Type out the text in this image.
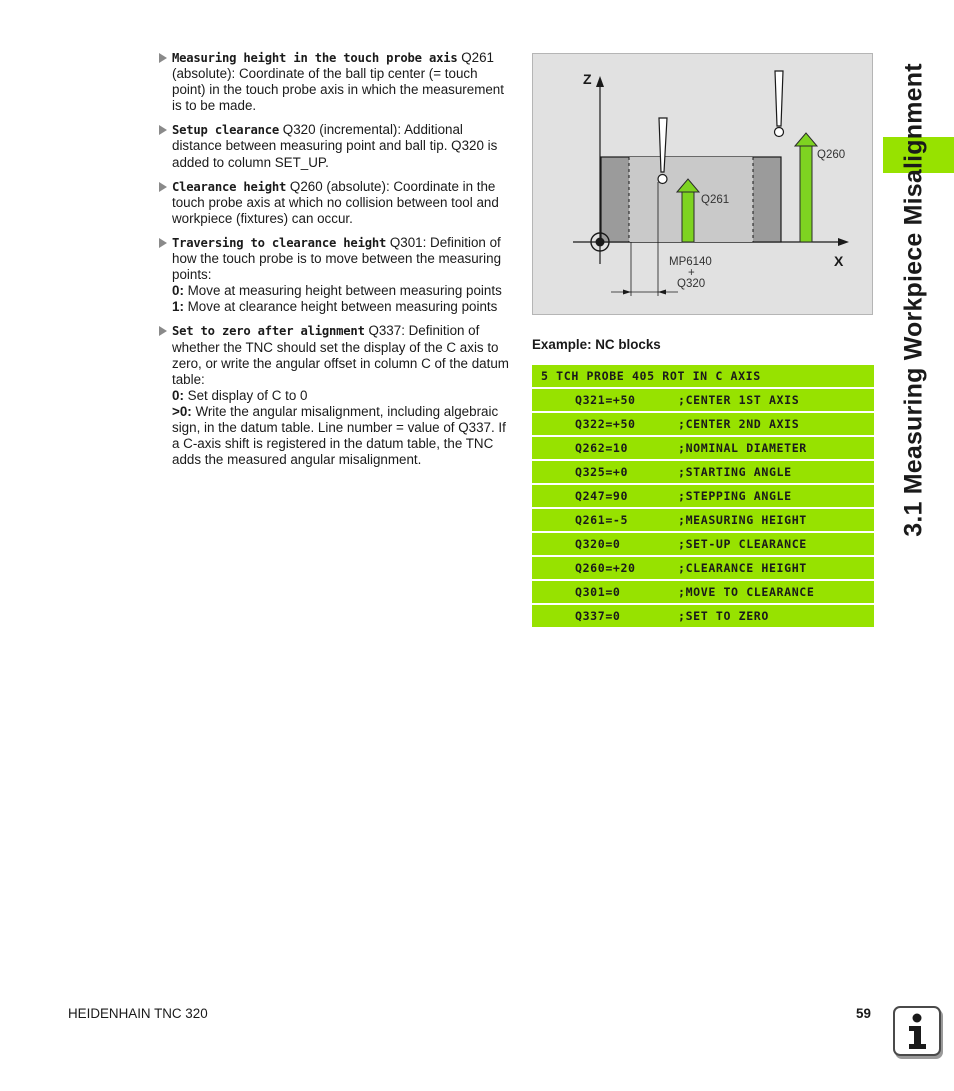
Measuring height in the touch probe axis Q261 (absolute): Coordinate of the ball tip center (= touch point) in the touch probe axis in which the measurement is to be made.
Setup clearance Q320 (incremental): Additional distance between measuring point and ball tip. Q320 is added to column SET_UP.
Clearance height Q260 (absolute): Coordinate in the touch probe axis at which no collision between tool and workpiece (fixtures) can occur.
Traversing to clearance height Q301: Definition of how the touch probe is to move between the measuring points:
0: Move at measuring height between measuring points
1: Move at clearance height between measuring points
Set to zero after alignment Q337: Definition of whether the TNC should set the display of the C axis to zero, or write the angular offset in column C of the datum table:
0: Set display of C to 0
>0: Write the angular misalignment, including algebraic sign, in the datum table. Line number = value of Q337. If a C-axis shift is registered in the datum table, the TNC adds the measured angular misalignment.
Z
X
Q261
Q260
MP6140
+
Q320
Example: NC blocks
5 TCH PROBE 405 ROT IN C AXIS
Q321=+50	;CENTER 1ST AXIS
Q322=+50	;CENTER 2ND AXIS
Q262=10	;NOMINAL DIAMETER
Q325=+0	;STARTING ANGLE
Q247=90	;STEPPING ANGLE
Q261=-5	;MEASURING HEIGHT
Q320=0	;SET-UP CLEARANCE
Q260=+20	;CLEARANCE HEIGHT
Q301=0	;MOVE TO CLEARANCE
Q337=0	;SET TO ZERO
3.1 Measuring Workpiece Misalignment
HEIDENHAIN TNC 320	59
